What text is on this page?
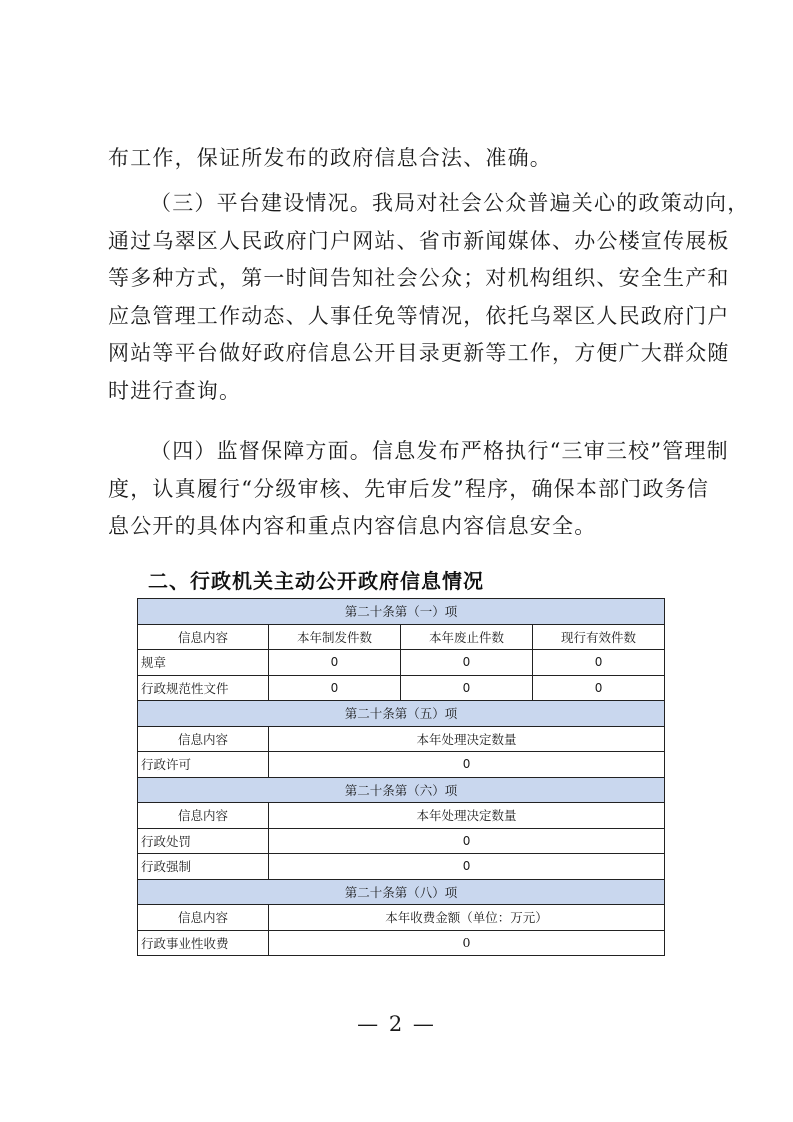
布工作，保证所发布的政府信息合法、准确。
（三）平台建设情况。我局对社会公众普遍关心的政策动向，
通过乌翠区人民政府门户网站、省市新闻媒体、办公楼宣传展板
等多种方式，第一时间告知社会公众；对机构组织、安全生产和
应急管理工作动态、人事任免等情况，依托乌翠区人民政府门户
网站等平台做好政府信息公开目录更新等工作，方便广大群众随
时进行查询。
（四）监督保障方面。信息发布严格执行“三审三校”管理制
度，认真履行“分级审核、先审后发”程序，确保本部门政务信
息公开的具体内容和重点内容信息内容信息安全。
二、行政机关主动公开政府信息情况
第二十条第（一）项			
信息内容	本年制发件数	本年废止件数	现行有效件数
规章	0	0	0
行政规范性文件	0	0	0
第二十条第（五）项			
信息内容	本年处理决定数量		
行政许可	0		
第二十条第（六）项			
信息内容	本年处理决定数量		
行政处罚	0		
行政强制	0		
第二十条第（八）项			
信息内容	本年收费金额（单位：万元）		
行政事业性收费	0		
— 2 —
